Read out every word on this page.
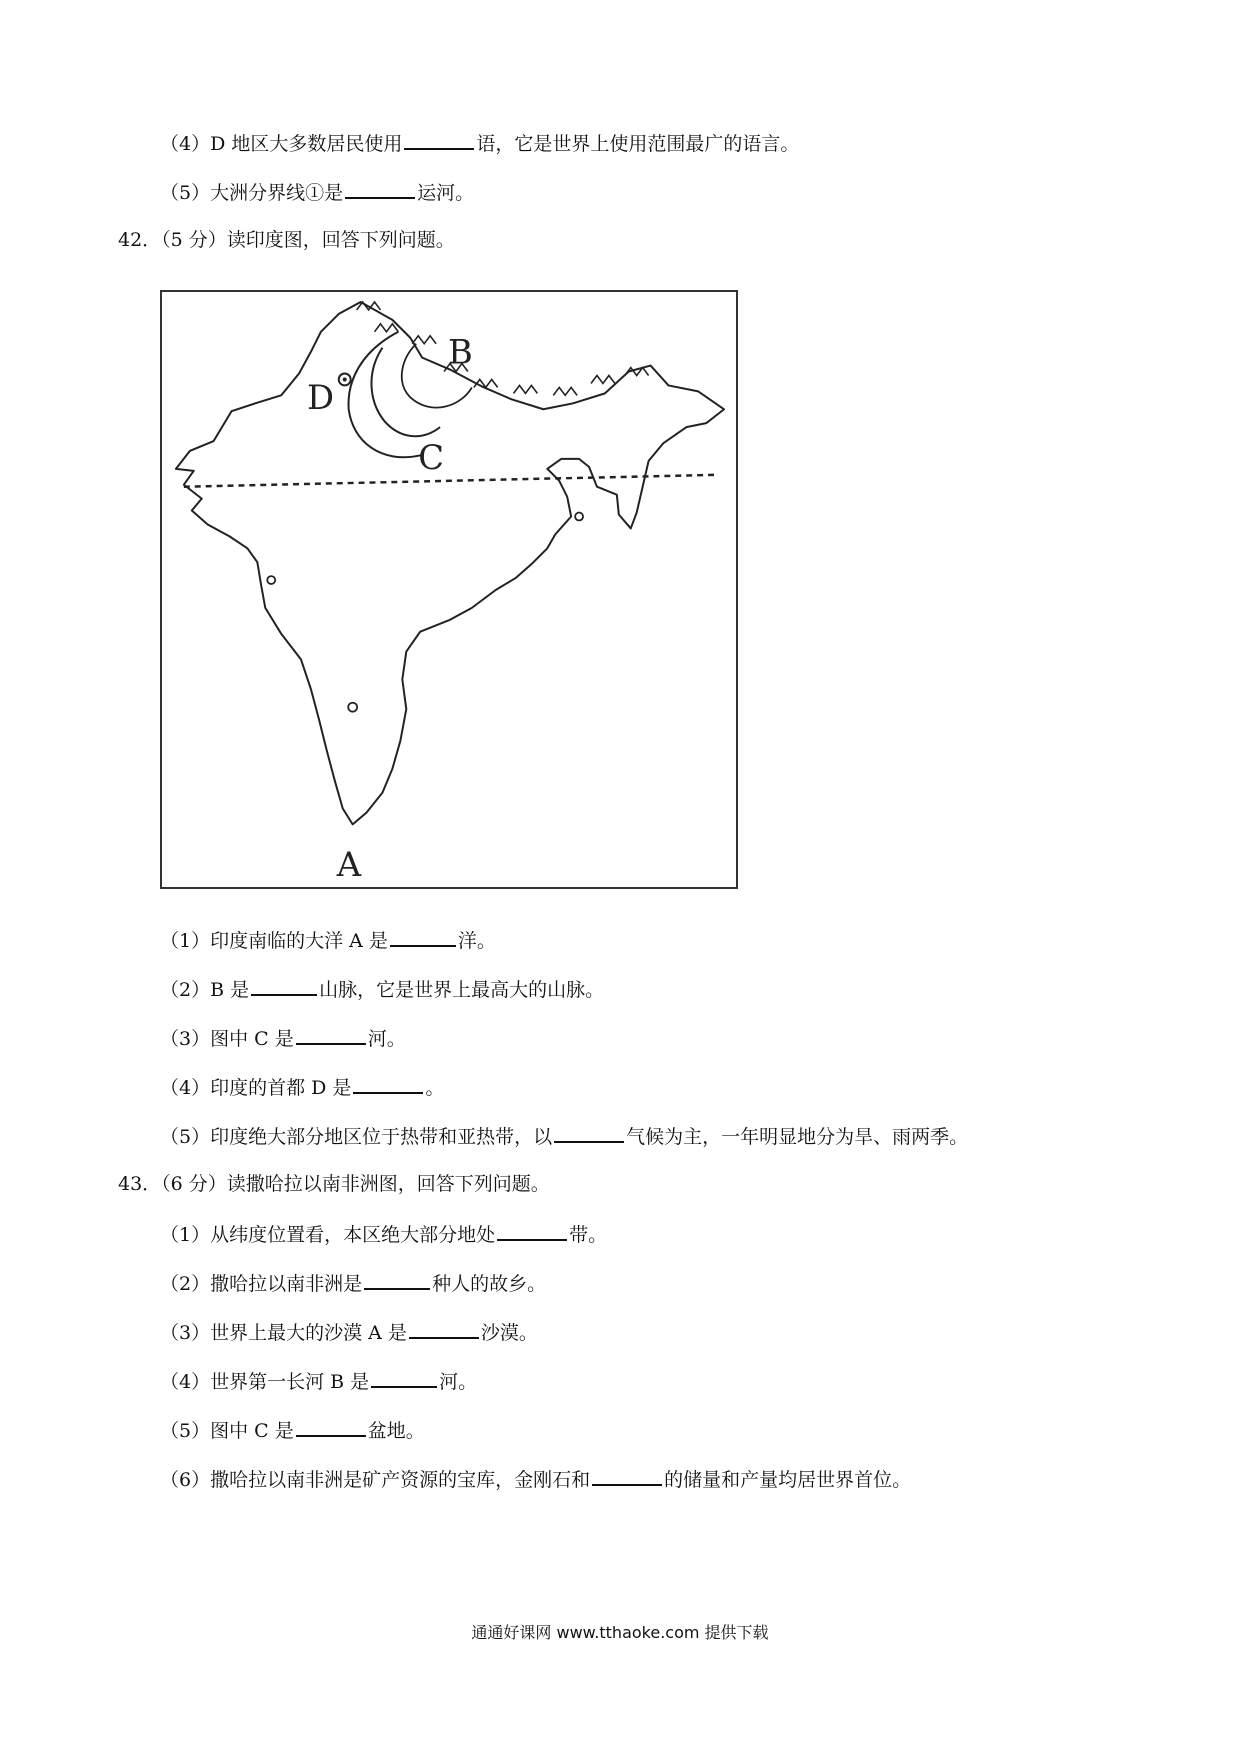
（4）D 地区大多数居民使用	语，它是世界上使用范围最广的语言。
（5）大洲分界线①是	运河。
42．（5 分）读印度图，回答下列问题。
A
B
C
D
（1）印度南临的大洋 A 是	洋。
（2）B 是	山脉，它是世界上最高大的山脉。
（3）图中 C 是	河。
（4）印度的首都 D 是	。
（5）印度绝大部分地区位于热带和亚热带，以	气候为主，一年明显地分为旱、雨两季。
43．（6 分）读撒哈拉以南非洲图，回答下列问题。
（1）从纬度位置看，本区绝大部分地处	带。
（2）撒哈拉以南非洲是	种人的故乡。
（3）世界上最大的沙漠 A 是	沙漠。
（4）世界第一长河 B 是	河。
（5）图中 C 是	盆地。
（6）撒哈拉以南非洲是矿产资源的宝库，金刚石和	的储量和产量均居世界首位。
通通好课网 www.tthaoke.com 提供下载
